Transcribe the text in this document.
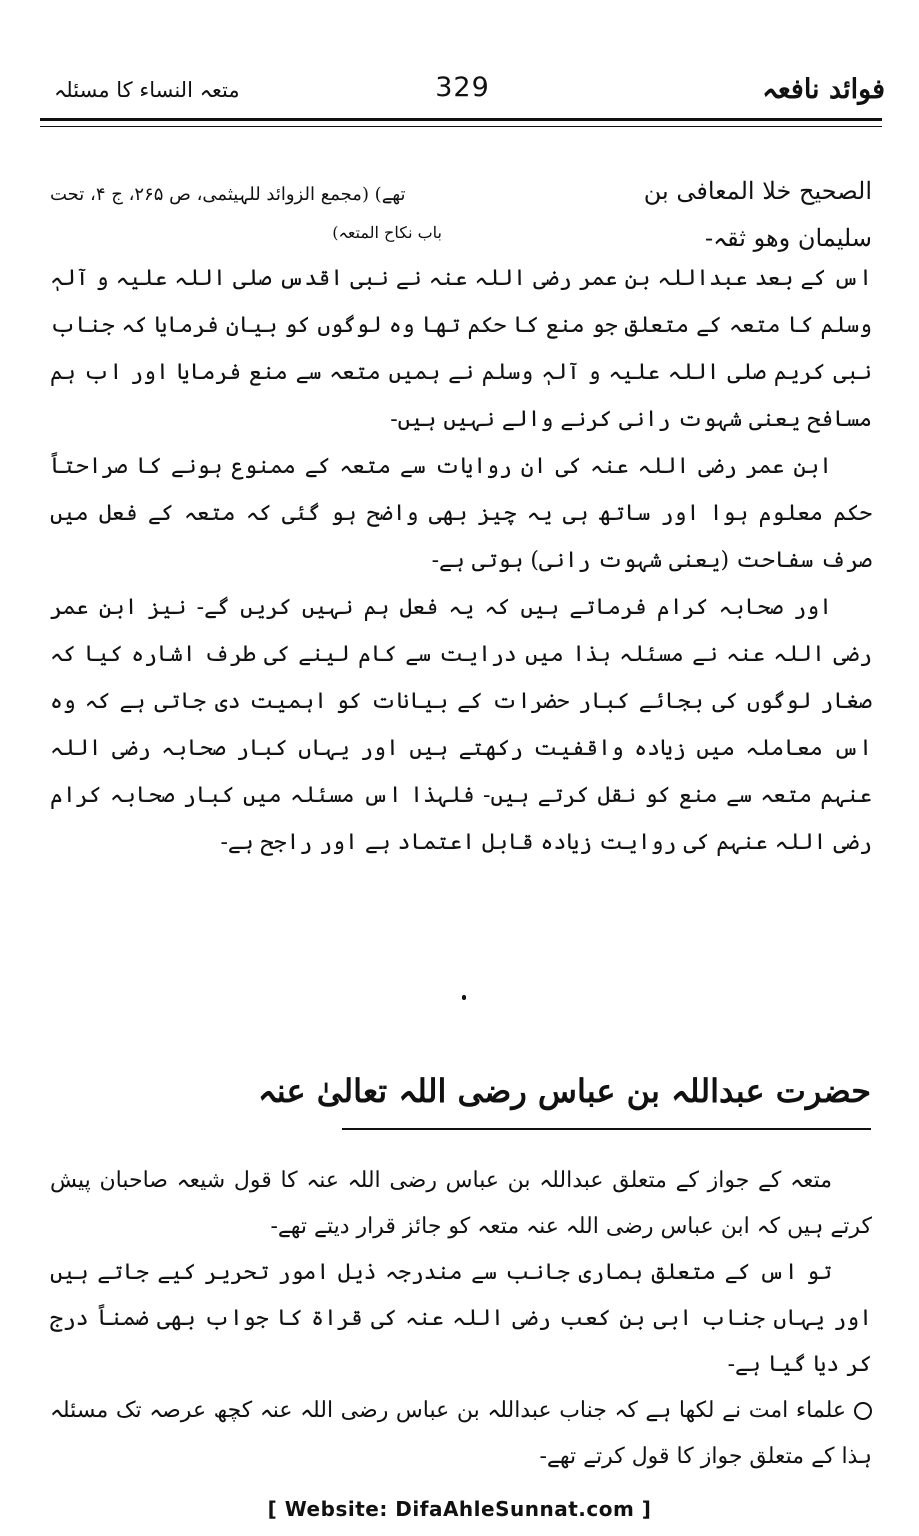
متعہ النساء کا مسئلہ	329	فوائد نافعہ
الصحیح خلا المعافی بن
تھے) (مجمع الزوائد للہیثمی، ص ۲۶۵، ج ۴، تحت
سلیمان وھو ثقہ-
باب نکاح المتعہ)

اس کے بعد عبداللہ بن عمر رضی اللہ عنہ نے نبی اقدس صلی اللہ علیہ و آلہٖ وسلم کا متعہ کے متعلق جو منع کا حکم تھا وہ لوگوں کو بیان فرمایا کہ جناب نبی کریم صلی اللہ علیہ و آلہٖ وسلم نے ہمیں متعہ سے منع فرمایا اور اب ہم مسافح یعنی شہوت رانی کرنے والے نہیں ہیں-

ابن عمر رضی اللہ عنہ کی ان روایات سے متعہ کے ممنوع ہونے کا صراحتاً حکم معلوم ہوا اور ساتھ ہی یہ چیز بھی واضح ہو گئی کہ متعہ کے فعل میں صرف سفاحت (یعنی شہوت رانی) ہوتی ہے-

اور صحابہ کرام فرماتے ہیں کہ یہ فعل ہم نہیں کریں گے- نیز ابن عمر رضی اللہ عنہ نے مسئلہ ہذا میں درایت سے کام لینے کی طرف اشارہ کیا کہ صغار لوگوں کی بجائے کبار حضرات کے بیانات کو اہمیت دی جاتی ہے کہ وہ اس معاملہ میں زیادہ واقفیت رکھتے ہیں اور یہاں کبار صحابہ رضی اللہ عنہم متعہ سے منع کو نقل کرتے ہیں- فلہذا اس مسئلہ میں کبار صحابہ کرام رضی اللہ عنہم کی روایت زیادہ قابل اعتماد ہے اور راجح ہے-

حضرت عبداللہ بن عباس رضی اللہ تعالیٰ عنہ

متعہ کے جواز کے متعلق عبداللہ بن عباس رضی اللہ عنہ کا قول شیعہ صاحبان پیش کرتے ہیں کہ ابن عباس رضی اللہ عنہ متعہ کو جائز قرار دیتے تھے-

تو اس کے متعلق ہماری جانب سے مندرجہ ذیل امور تحریر کیے جاتے ہیں اور یہاں جناب ابی بن کعب رضی اللہ عنہ کی قراۃ کا جواب بھی ضمناً درج کر دیا گیا ہے-

علماء امت نے لکھا ہے کہ جناب عبداللہ بن عباس رضی اللہ عنہ کچھ عرصہ تک مسئلہ ہذا کے متعلق جواز کا قول کرتے تھے-

[ Website: DifaAhleSunnat.com ]
